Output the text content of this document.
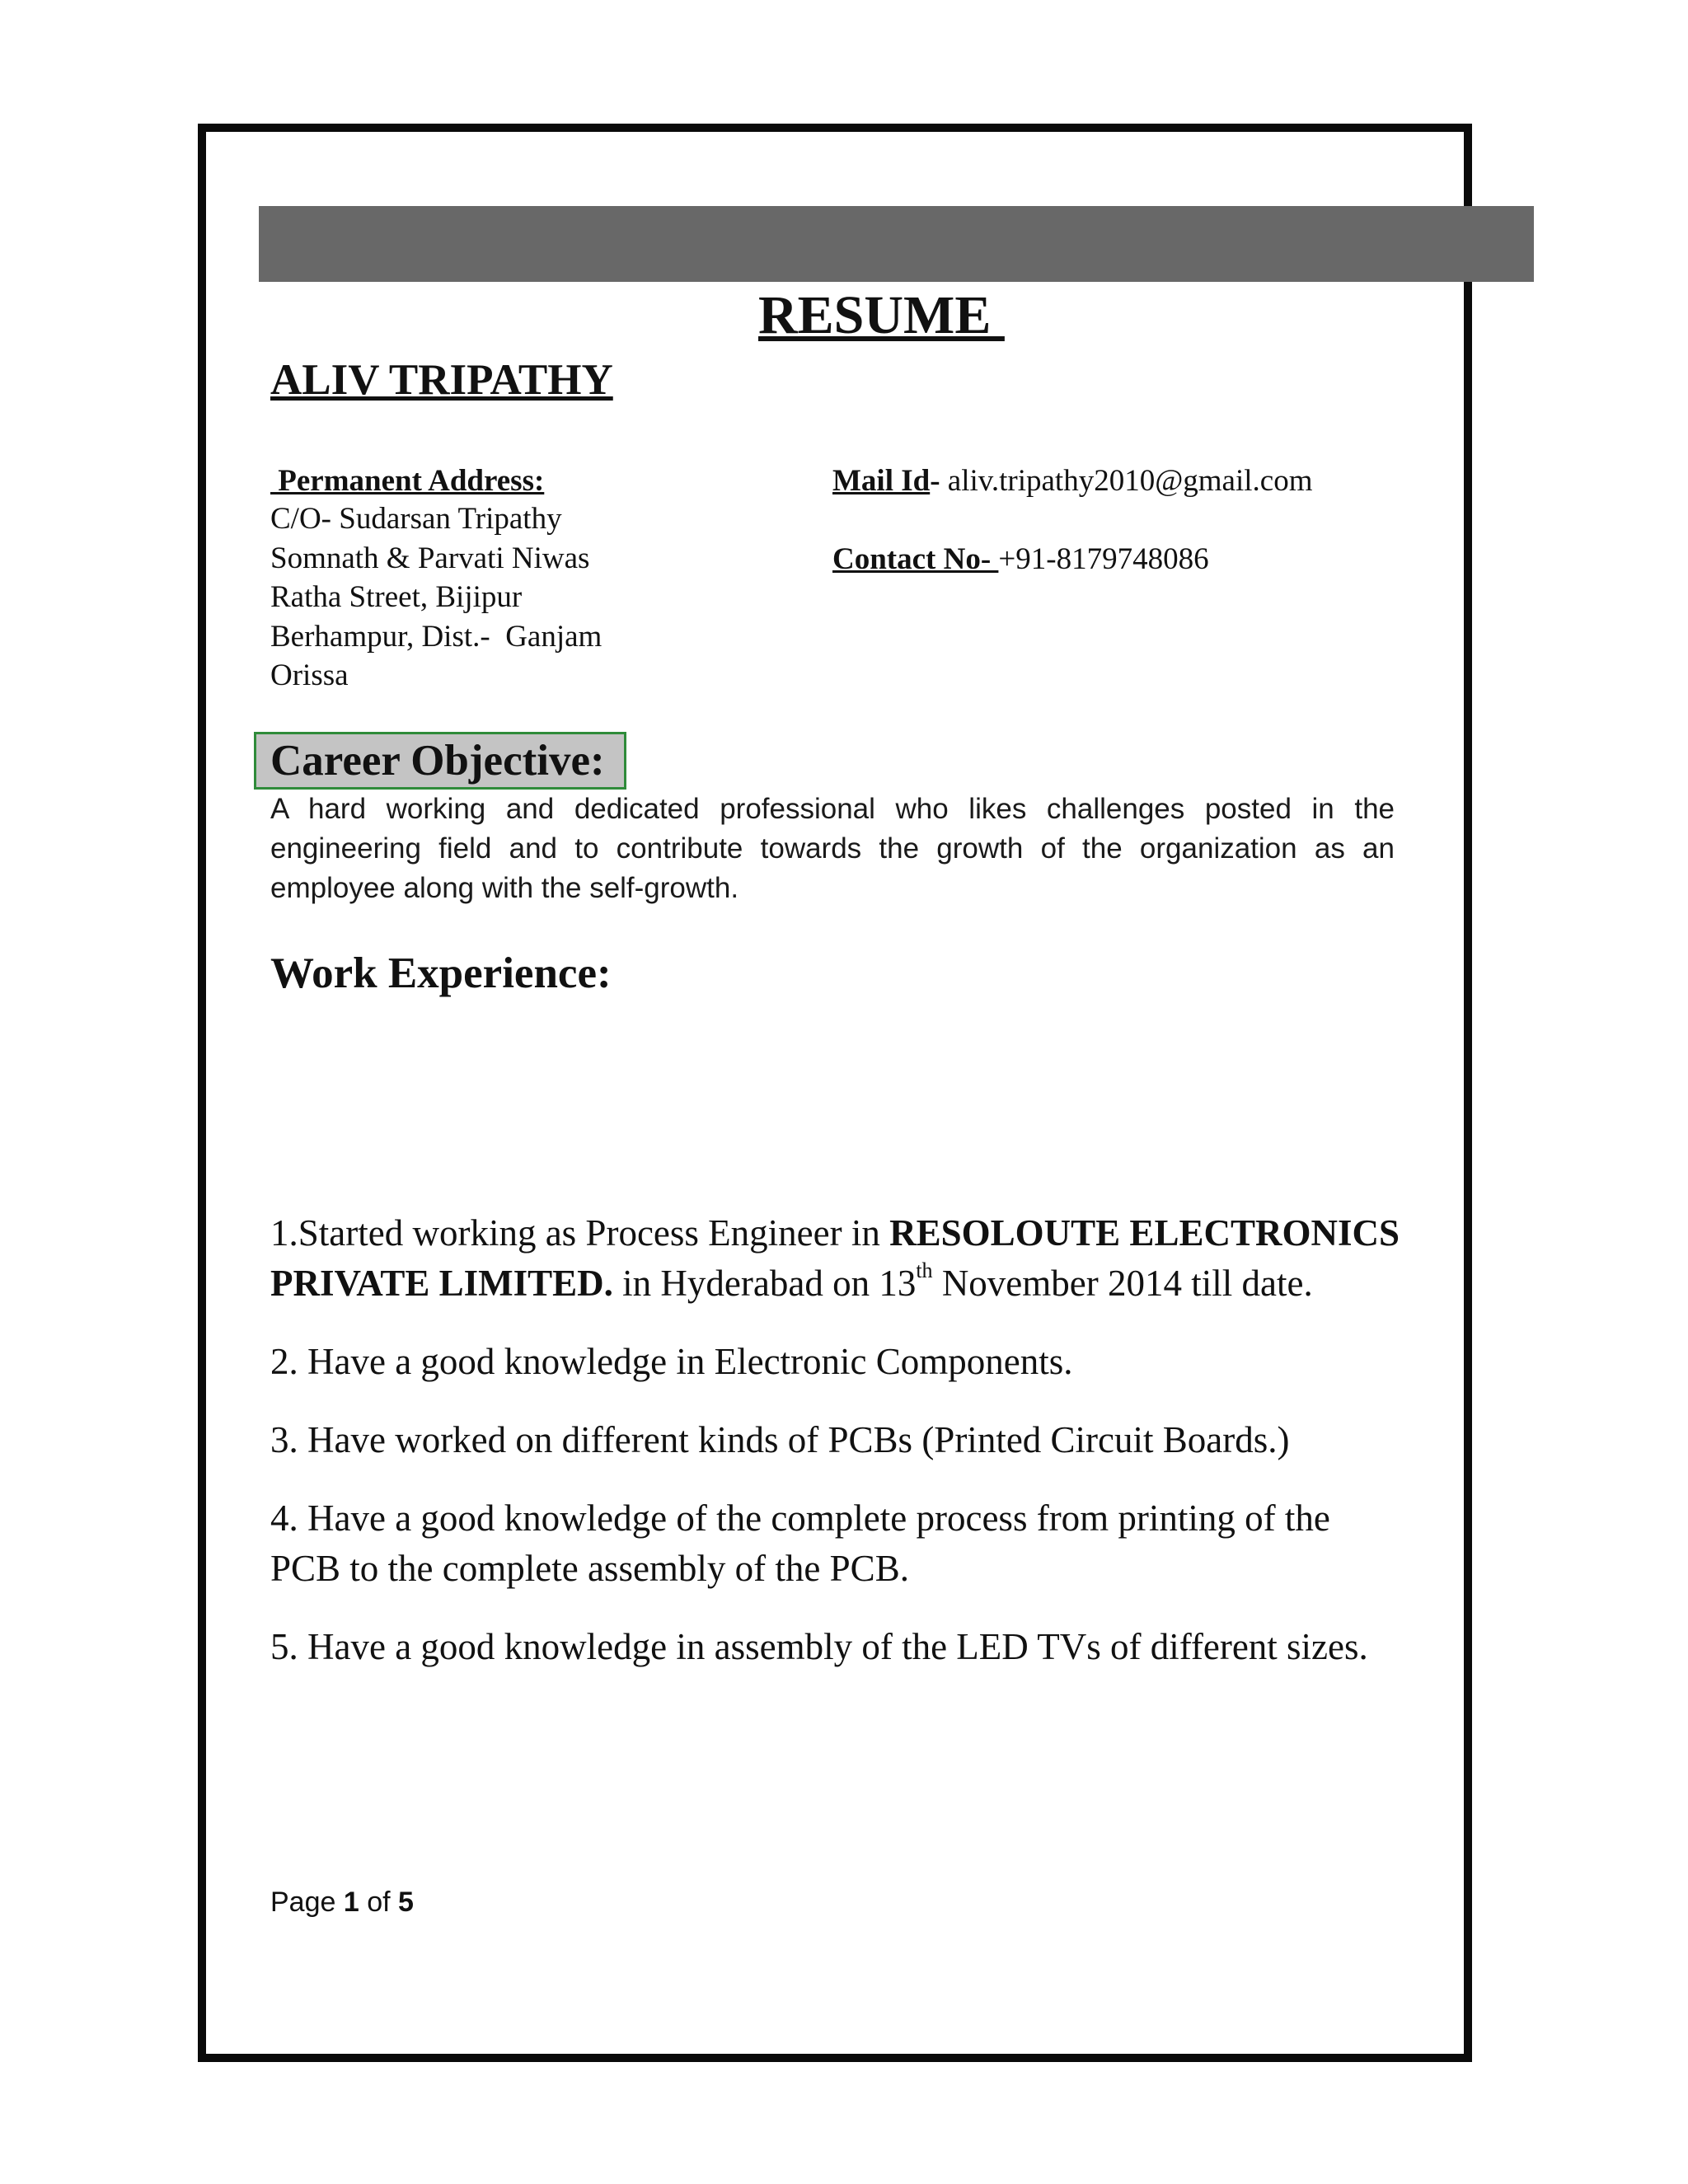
RESUME
ALIV TRIPATHY
Permanent Address:
C/O- Sudarsan Tripathy
Somnath & Parvati Niwas
Ratha Street, Bijipur
Berhampur, Dist.-  Ganjam
Orissa
Mail Id- aliv.tripathy2010@gmail.com
Contact No- +91-8179748086
Career Objective:
A hard working and dedicated professional who likes challenges posted in the engineering field and to contribute towards the growth of the organization as an employee along with the self-growth.
Work Experience:
1.Started working as Process Engineer in RESOLOUTE ELECTRONICS PRIVATE LIMITED. in Hyderabad on 13th November 2014 till date.
2. Have a good knowledge in Electronic Components.
3. Have worked on different kinds of PCBs (Printed Circuit Boards.)
4. Have a good knowledge of the complete process from printing of the PCB to the complete assembly of the PCB.
5. Have a good knowledge in assembly of the LED TVs of different sizes.
Page 1 of 5
